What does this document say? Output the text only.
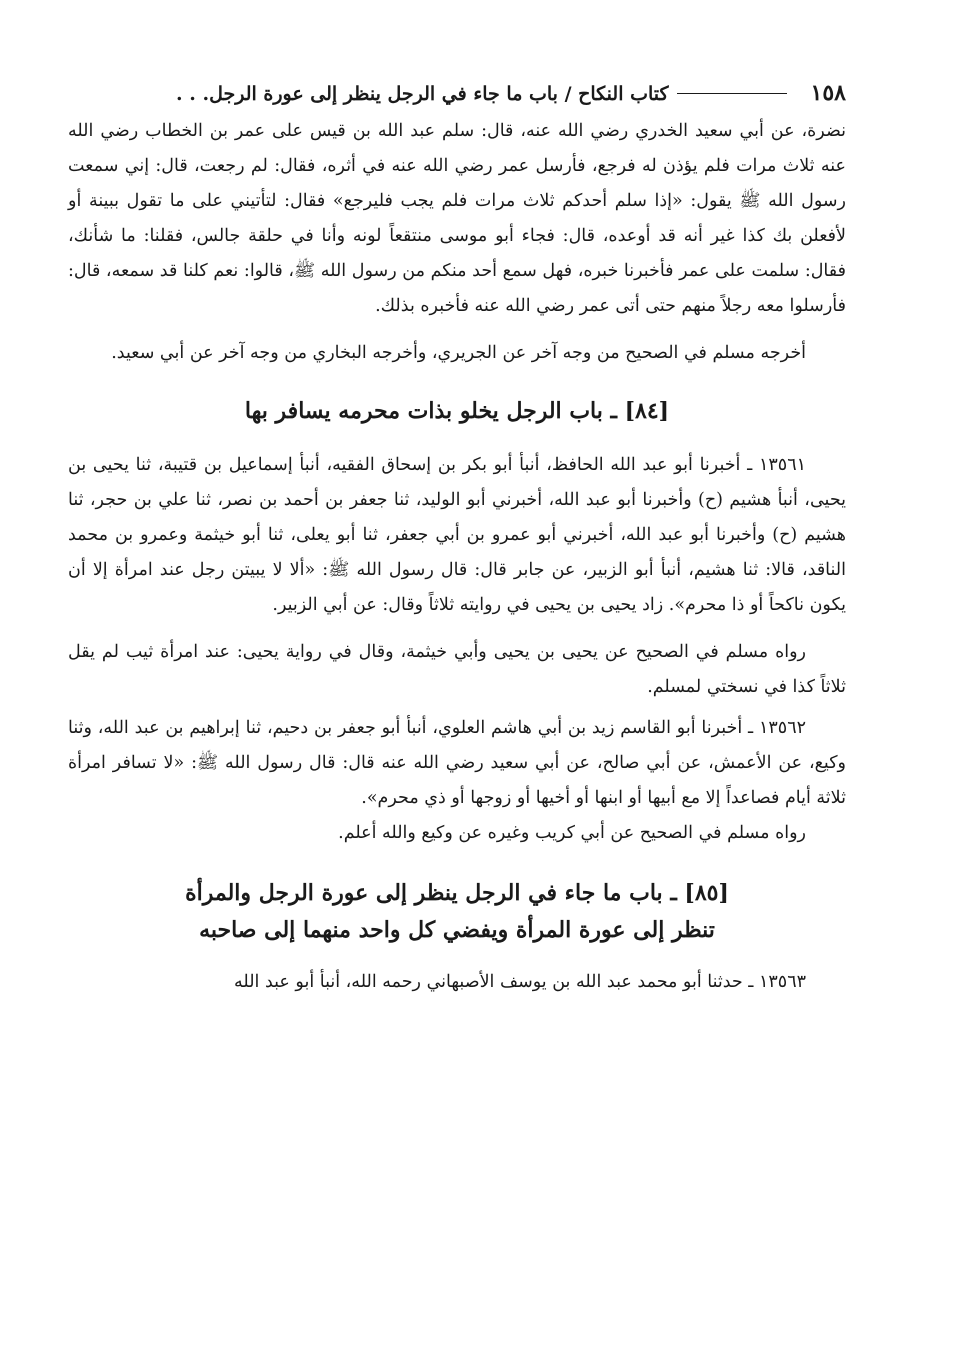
١٥٨
كتاب النكاح / باب ما جاء في الرجل ينظر إلى عورة الرجل. . .

نضرة، عن أبي سعيد الخدري رضي الله عنه، قال: سلم عبد الله بن قيس على عمر بن الخطاب رضي الله عنه ثلاث مرات فلم يؤذن له فرجع، فأرسل عمر رضي الله عنه في أثره، فقال: لم رجعت، قال: إني سمعت رسول الله ﷺ يقول: «إذا سلم أحدكم ثلاث مرات فلم يجب فليرجع» فقال: لتأتيني على ما تقول ببينة أو لأفعلن بك كذا غير أنه قد أوعده، قال: فجاء أبو موسى منتقعاً لونه وأنا في حلقة جالس، فقلنا: ما شأنك، فقال: سلمت على عمر فأخبرنا خبره، فهل سمع أحد منكم من رسول الله ﷺ، قالوا: نعم كلنا قد سمعه، قال: فأرسلوا معه رجلاً منهم حتى أتى عمر رضي الله عنه فأخبره بذلك.

أخرجه مسلم في الصحيح من وجه آخر عن الجريري، وأخرجه البخاري من وجه آخر عن أبي سعيد.

[٨٤] ـ باب الرجل يخلو بذات محرمه يسافر بها

١٣٥٦١ ـ أخبرنا أبو عبد الله الحافظ، أنبأ أبو بكر بن إسحاق الفقيه، أنبأ إسماعيل بن قتيبة، ثنا يحيى بن يحيى، أنبأ هشيم (ح) وأخبرنا أبو عبد الله، أخبرني أبو الوليد، ثنا جعفر بن أحمد بن نصر، ثنا علي بن حجر، ثنا هشيم (ح) وأخبرنا أبو عبد الله، أخبرني أبو عمرو بن أبي جعفر، ثنا أبو يعلى، ثنا أبو خيثمة وعمرو بن محمد الناقد، قالا: ثنا هشيم، أنبأ أبو الزبير، عن جابر قال: قال رسول الله ﷺ: «ألا لا يبيتن رجل عند امرأة إلا أن يكون ناكحاً أو ذا محرم». زاد يحيى بن يحيى في روايته ثلاثاً وقال: عن أبي الزبير.

رواه مسلم في الصحيح عن يحيى بن يحيى وأبي خيثمة، وقال في رواية يحيى: عند امرأة ثيب لم يقل ثلاثاً كذا في نسختي لمسلم.

١٣٥٦٢ ـ أخبرنا أبو القاسم زيد بن أبي هاشم العلوي، أنبأ أبو جعفر بن دحيم، ثنا إبراهيم بن عبد الله، وثنا وكيع، عن الأعمش، عن أبي صالح، عن أبي سعيد رضي الله عنه قال: قال رسول الله ﷺ: «لا تسافر امرأة ثلاثة أيام فصاعداً إلا مع أبيها أو ابنها أو أخيها أو زوجها أو ذي محرم».

رواه مسلم في الصحيح عن أبي كريب وغيره عن وكيع والله أعلم.

[٨٥] ـ باب ما جاء في الرجل ينظر إلى عورة الرجل والمرأة
تنظر إلى عورة المرأة ويفضي كل واحد منهما إلى صاحبه

١٣٥٦٣ ـ حدثنا أبو محمد عبد الله بن يوسف الأصبهاني رحمه الله، أنبأ أبو عبد الله
